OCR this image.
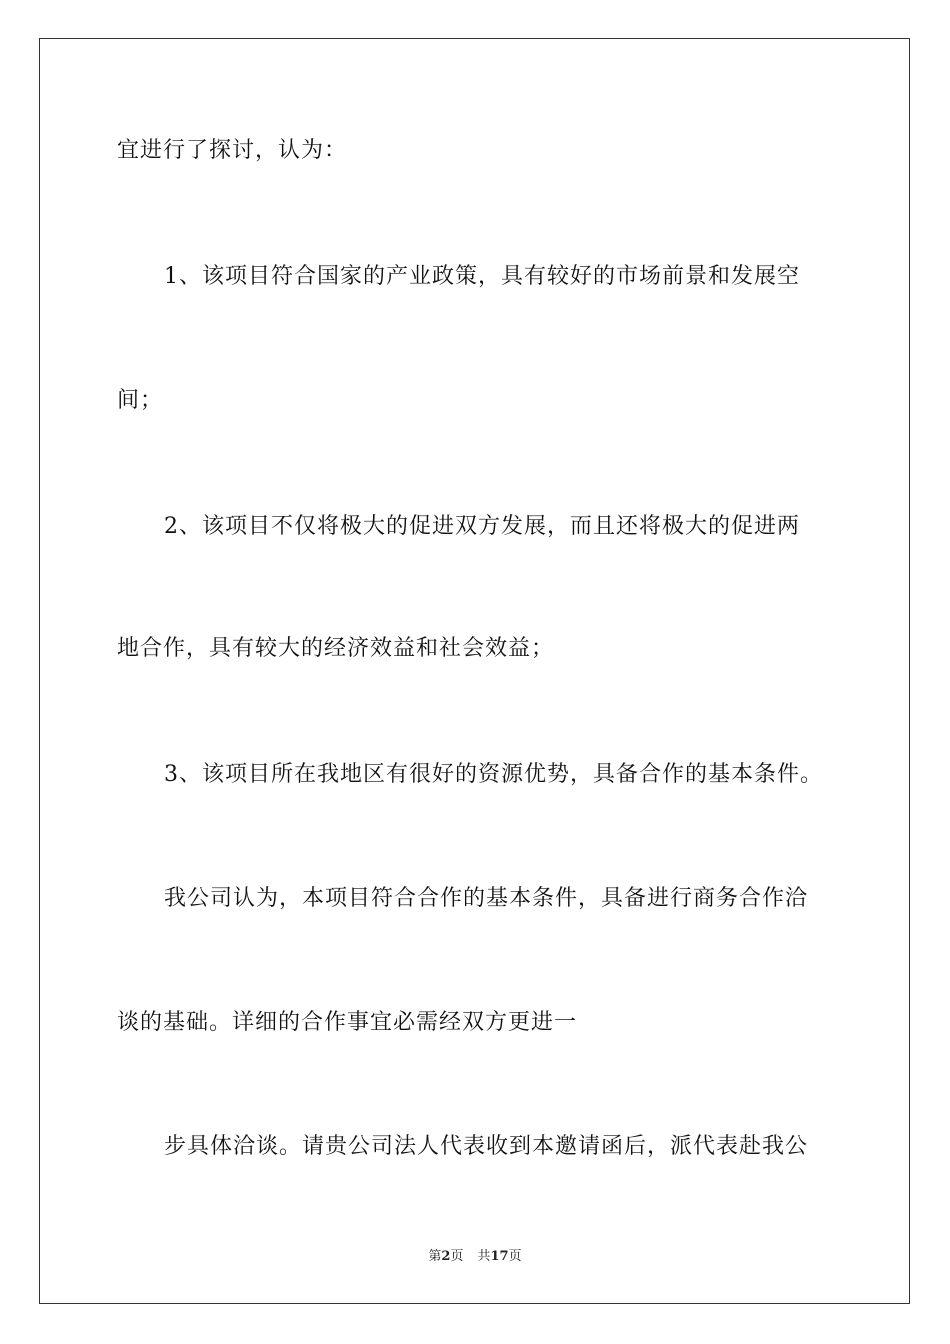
宜进行了探讨，认为：
1、该项目符合国家的产业政策，具有较好的市场前景和发展空
间；
2、该项目不仅将极大的促进双方发展，而且还将极大的促进两
地合作，具有较大的经济效益和社会效益；
3、该项目所在我地区有很好的资源优势，具备合作的基本条件。
我公司认为，本项目符合合作的基本条件，具备进行商务合作洽
谈的基础。详细的合作事宜必需经双方更进一
步具体洽谈。请贵公司法人代表收到本邀请函后，派代表赴我公
第2页 共17页
